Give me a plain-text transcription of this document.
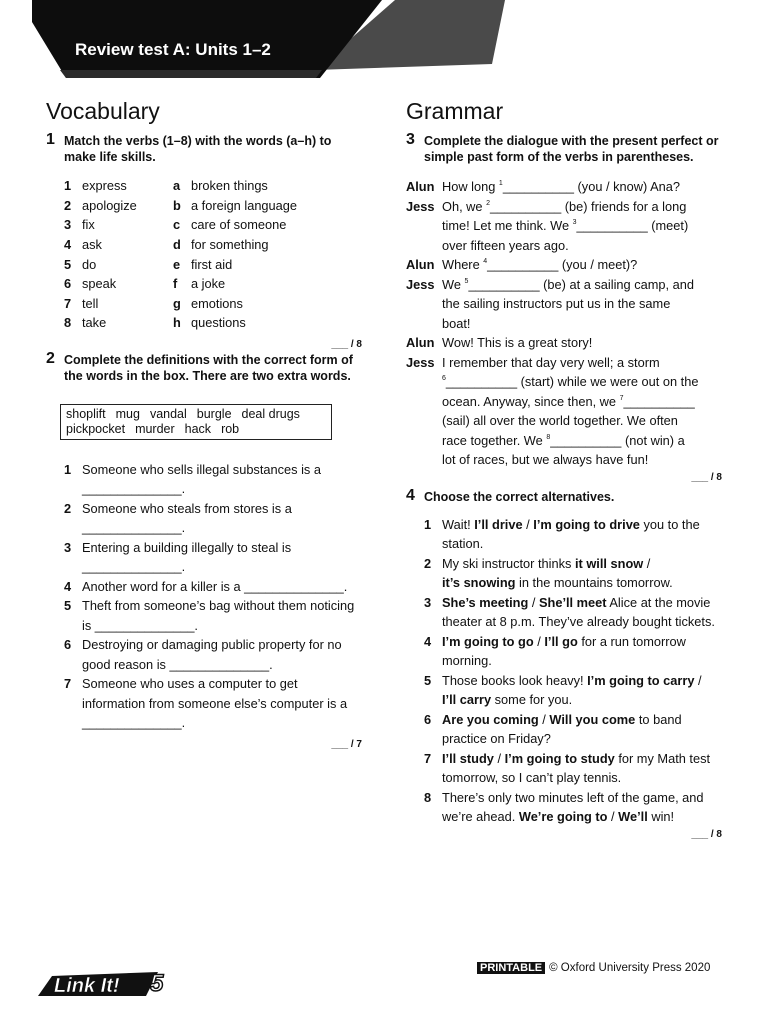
Review test A: Units 1–2
Vocabulary
1 Match the verbs (1–8) with the words (a–h) to make life skills.
1 express	a broken things
2 apologize	b a foreign language
3 fix	c care of someone
4 ask	d for something
5 do	e first aid
6 speak	f	a joke
7 tell	g emotions
8 take	h questions
___ / 8
2 Complete the definitions with the correct form of the words in the box. There are two extra words.
shoplift mug vandal burgle deal drugs
pickpocket murder hack rob
1 Someone who sells illegal substances is a
______________.
2 Someone who steals from stores is a
______________.
3 Entering a building illegally to steal is
______________.
4 Another word for a killer is a ______________.
5 Theft from someone’s bag without them noticing
is ______________.
6 Destroying or damaging public property for no
good reason is ______________.
7 Someone who uses a computer to get
information from someone else’s computer is a
______________.
___ / 7
Grammar
3 Complete the dialogue with the present perfect or simple past form of the verbs in parentheses.
Alun How long $^1$__________ (you / know) Ana?
Jess Oh, we $^2$__________ (be) friends for a long
time! Let me think. We $^3$__________ (meet)
over fifteen years ago.
Alun Where $^4$__________ (you / meet)?
Jess We $^5$__________ (be) at a sailing camp, and
the sailing instructors put us in the same
boat!
Alun Wow! This is a great story!
Jess I remember that day very well; a storm
$^6$__________ (start) while we were out on the
ocean. Anyway, since then, we $^7$__________
(sail) all over the world together. We often
race together. We $^8$__________ (not win) a
lot of races, but we always have fun!
___ / 8
4 Choose the correct alternatives.
1 Wait! I’ll drive / I’m going to drive you to the
station.
2 My ski instructor thinks it will snow /
it’s snowing in the mountains tomorrow.
3 She’s meeting / She’ll meet Alice at the movie
theater at 8 p.m. They’ve already bought tickets.
4 I’m going to go / I’ll go for a run tomorrow
morning.
5 Those books look heavy! I’m going to carry /
I’ll carry some for you.
6 Are you coming / Will you come to band
practice on Friday?
7 I’ll study / I’m going to study for my Math test
tomorrow, so I can’t play tennis.
8 There’s only two minutes left of the game, and
we’re ahead. We’re going to / We’ll win!
___ / 8
Link It! 5
PRINTABLE © Oxford University Press 2020
